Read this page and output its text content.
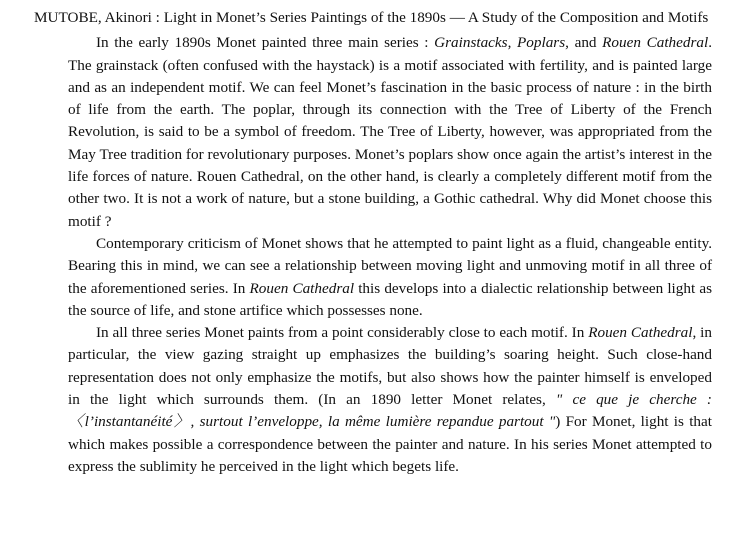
MUTOBE, Akinori : Light in Monet’s Series Paintings of the 1890s — A Study of the Composition and Motifs

In the early 1890s Monet painted three main series : Grainstacks, Poplars, and Rouen Cathedral. The grainstack (often confused with the haystack) is a motif associated with fertility, and is painted large and as an independent motif. We can feel Monet’s fascination in the basic process of nature : in the birth of life from the earth. The poplar, through its connection with the Tree of Liberty of the French Revolution, is said to be a symbol of freedom. The Tree of Liberty, however, was appropriated from the May Tree tradition for revolutionary purposes. Monet’s poplars show once again the artist’s interest in the life forces of nature. Rouen Cathedral, on the other hand, is clearly a completely different motif from the other two. It is not a work of nature, but a stone building, a Gothic cathedral. Why did Monet choose this motif ?

Contemporary criticism of Monet shows that he attempted to paint light as a fluid, changeable entity. Bearing this in mind, we can see a relationship between moving light and unmoving motif in all three of the aforementioned series. In Rouen Cathedral this develops into a dialectic relationship between light as the source of life, and stone artifice which possesses none.

In all three series Monet paints from a point considerably close to each motif. In Rouen Cathedral, in particular, the view gazing straight up emphasizes the building’s soaring height. Such close-hand representation does not only emphasize the motifs, but also shows how the painter himself is enveloped in the light which surrounds them. (In an 1890 letter Monet relates, " ce que je cherche : 〈l’instantanéité〉, surtout l’enveloppe, la même lumière repandue partout ") For Monet, light is that which makes possible a correspondence between the painter and nature. In his series Monet attempted to express the sublimity he perceived in the light which begets life.
